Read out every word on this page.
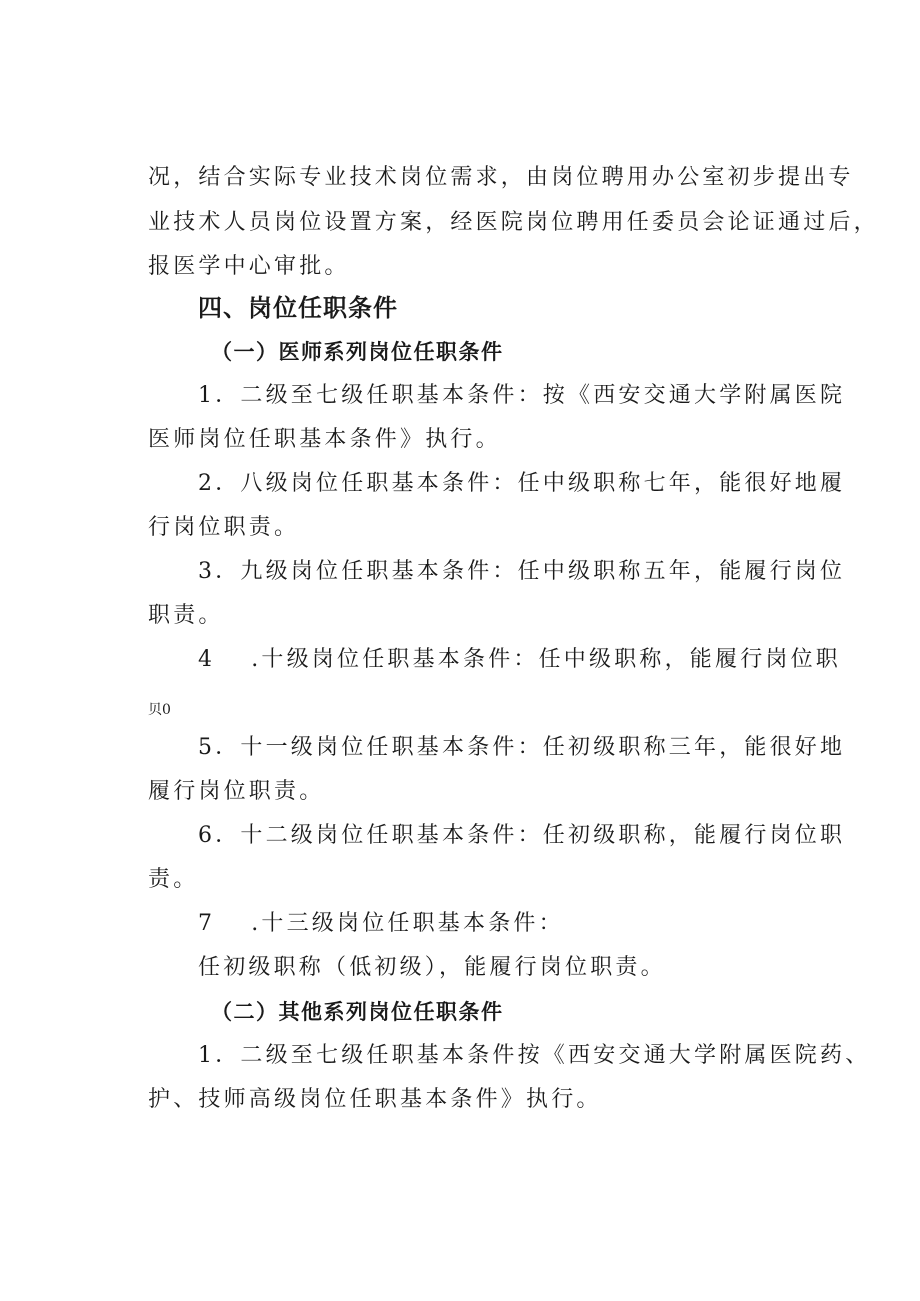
况，结合实际专业技术岗位需求，由岗位聘用办公室初步提出专
业技术人员岗位设置方案，经医院岗位聘用任委员会论证通过后，
报医学中心审批。
四、岗位任职条件
（一）医师系列岗位任职条件
1．二级至七级任职基本条件：按《西安交通大学附属医院
医师岗位任职基本条件》执行。
2．八级岗位任职基本条件：任中级职称七年，能很好地履
行岗位职责。
3．九级岗位任职基本条件：任中级职称五年，能履行岗位
职责。
4 .十级岗位任职基本条件：任中级职称，能履行岗位职
贝0
5．十一级岗位任职基本条件：任初级职称三年，能很好地
履行岗位职责。
6．十二级岗位任职基本条件：任初级职称，能履行岗位职
责。
7 .十三级岗位任职基本条件：
任初级职称（低初级），能履行岗位职责。
（二）其他系列岗位任职条件
1．二级至七级任职基本条件按《西安交通大学附属医院药、
护、技师高级岗位任职基本条件》执行。
